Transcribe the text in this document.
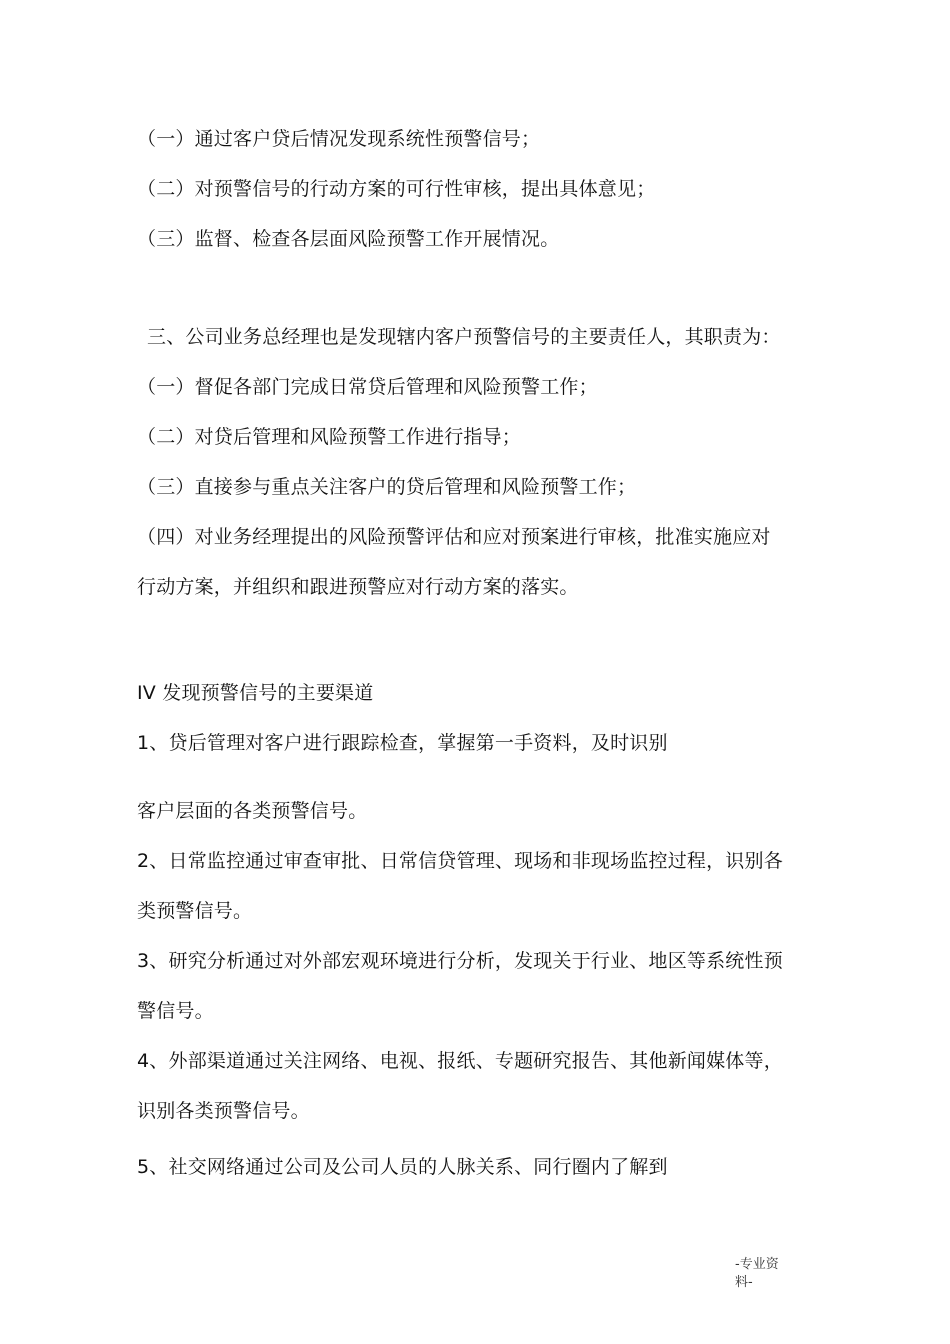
（一）通过客户贷后情况发现系统性预警信号；
（二）对预警信号的行动方案的可行性审核，提出具体意见；
（三）监督、检查各层面风险预警工作开展情况。
三、公司业务总经理也是发现辖内客户预警信号的主要责任人，其职责为：
（一）督促各部门完成日常贷后管理和风险预警工作；
（二）对贷后管理和风险预警工作进行指导；
（三）直接参与重点关注客户的贷后管理和风险预警工作；
（四）对业务经理提出的风险预警评估和应对预案进行审核，批准实施应对
行动方案，并组织和跟进预警应对行动方案的落实。
IV 发现预警信号的主要渠道
1、贷后管理对客户进行跟踪检查，掌握第一手资料，及时识别
客户层面的各类预警信号。
2、日常监控通过审查审批、日常信贷管理、现场和非现场监控过程，识别各
类预警信号。
3、研究分析通过对外部宏观环境进行分析，发现关于行业、地区等系统性预
警信号。
4、外部渠道通过关注网络、电视、报纸、专题研究报告、其他新闻媒体等，
识别各类预警信号。
5、社交网络通过公司及公司人员的人脉关系、同行圈内了解到
-专业资
料-
